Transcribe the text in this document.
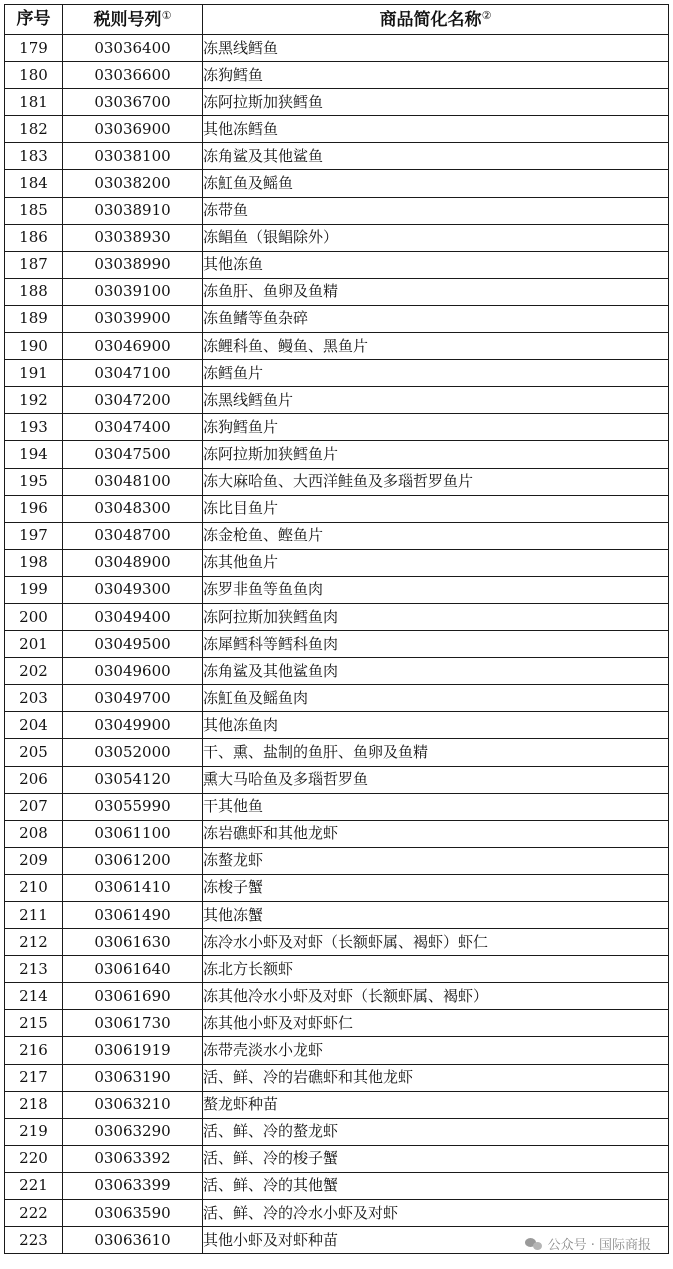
序号	税则号列①	商品简化名称②
179	03036400	冻黑线鳕鱼
180	03036600	冻狗鳕鱼
181	03036700	冻阿拉斯加狭鳕鱼
182	03036900	其他冻鳕鱼
183	03038100	冻角鲨及其他鲨鱼
184	03038200	冻魟鱼及鳐鱼
185	03038910	冻带鱼
186	03038930	冻鲳鱼（银鲳除外）
187	03038990	其他冻鱼
188	03039100	冻鱼肝、鱼卵及鱼精
189	03039900	冻鱼鳍等鱼杂碎
190	03046900	冻鲤科鱼、鳗鱼、黑鱼片
191	03047100	冻鳕鱼片
192	03047200	冻黑线鳕鱼片
193	03047400	冻狗鳕鱼片
194	03047500	冻阿拉斯加狭鳕鱼片
195	03048100	冻大麻哈鱼、大西洋鲑鱼及多瑙哲罗鱼片
196	03048300	冻比目鱼片
197	03048700	冻金枪鱼、鲣鱼片
198	03048900	冻其他鱼片
199	03049300	冻罗非鱼等鱼鱼肉
200	03049400	冻阿拉斯加狭鳕鱼肉
201	03049500	冻犀鳕科等鳕科鱼肉
202	03049600	冻角鲨及其他鲨鱼肉
203	03049700	冻魟鱼及鳐鱼肉
204	03049900	其他冻鱼肉
205	03052000	干、熏、盐制的鱼肝、鱼卵及鱼精
206	03054120	熏大马哈鱼及多瑙哲罗鱼
207	03055990	干其他鱼
208	03061100	冻岩礁虾和其他龙虾
209	03061200	冻螯龙虾
210	03061410	冻梭子蟹
211	03061490	其他冻蟹
212	03061630	冻冷水小虾及对虾（长额虾属、褐虾）虾仁
213	03061640	冻北方长额虾
214	03061690	冻其他冷水小虾及对虾（长额虾属、褐虾）
215	03061730	冻其他小虾及对虾虾仁
216	03061919	冻带壳淡水小龙虾
217	03063190	活、鲜、冷的岩礁虾和其他龙虾
218	03063210	螯龙虾种苗
219	03063290	活、鲜、冷的螯龙虾
220	03063392	活、鲜、冷的梭子蟹
221	03063399	活、鲜、冷的其他蟹
222	03063590	活、鲜、冷的冷水小虾及对虾
223	03063610	其他小虾及对虾种苗	公众号 · 国际商报
